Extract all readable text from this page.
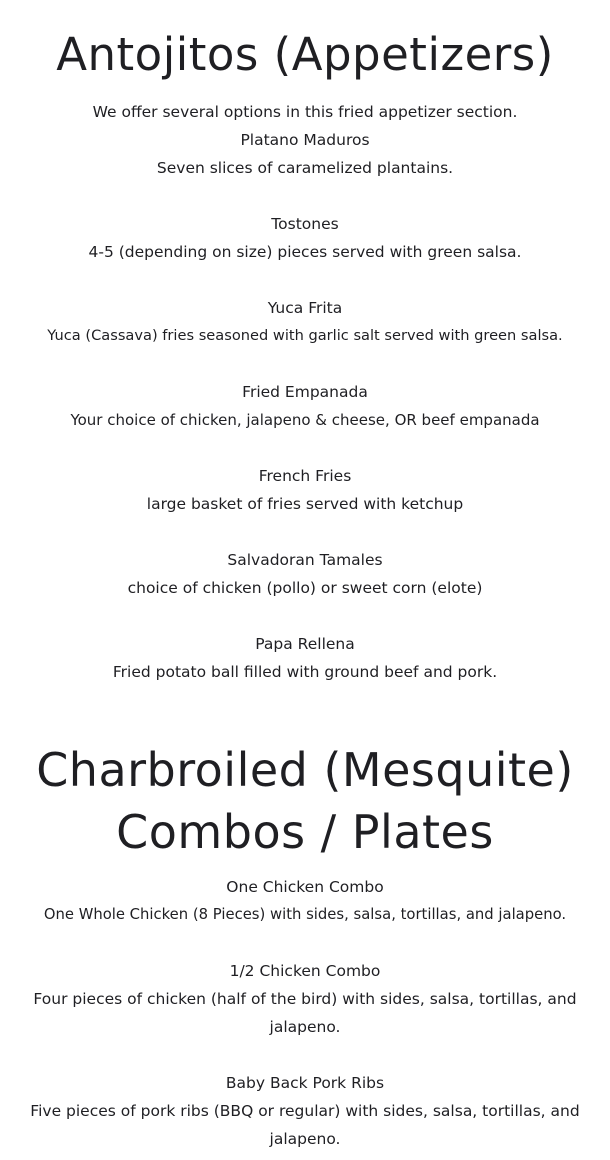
Antojitos (Appetizers)
We offer several options in this fried appetizer section.
Platano Maduros
Seven slices of caramelized plantains.
Tostones
4-5 (depending on size) pieces served with green salsa.
Yuca Frita
Yuca (Cassava) fries seasoned with garlic salt served with green salsa.
Fried Empanada
Your choice of chicken, jalapeno & cheese, OR beef empanada
French Fries
large basket of fries served with ketchup
Salvadoran Tamales
choice of chicken (pollo) or sweet corn (elote)
Papa Rellena
Fried potato ball filled with ground beef and pork.
Charbroiled (Mesquite)
Combos / Plates
One Chicken Combo
One Whole Chicken (8 Pieces) with sides, salsa, tortillas, and jalapeno.
1/2 Chicken Combo
Four pieces of chicken (half of the bird) with sides, salsa, tortillas, and jalapeno.
Baby Back Pork Ribs
Five pieces of pork ribs (BBQ or regular) with sides, salsa, tortillas, and jalapeno.
